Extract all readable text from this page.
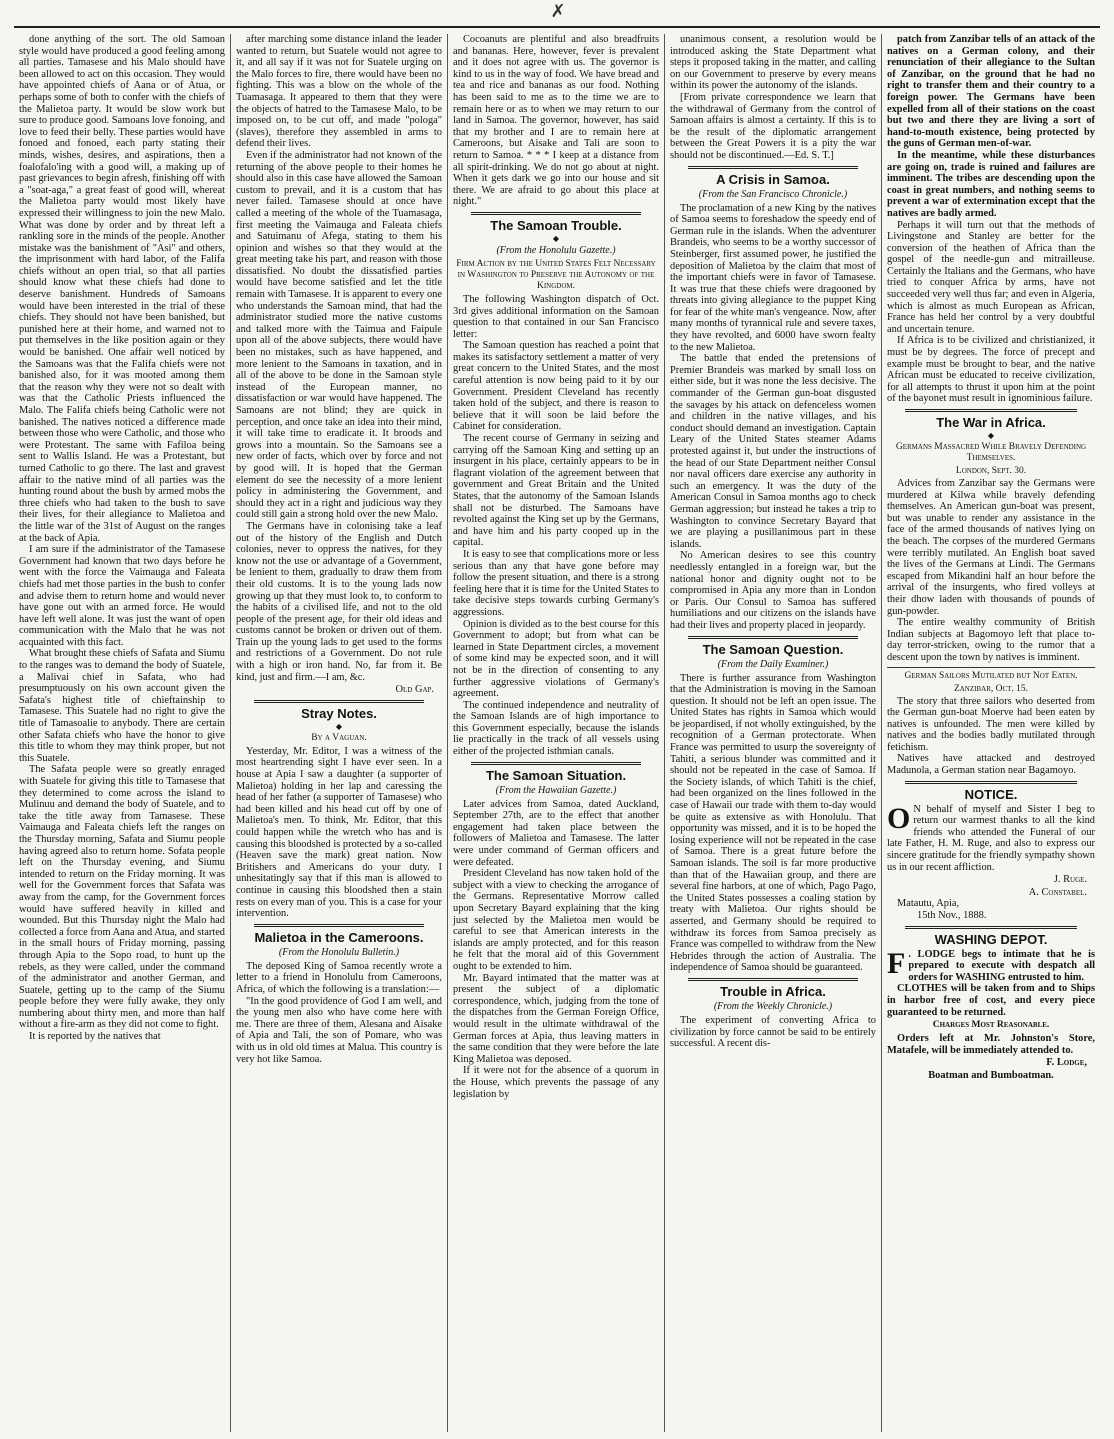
✗

done anything of the sort. The old Samoan style would have produced a good feeling among all parties. Tamasese and his Malo should have been allowed to act on this occasion. They would have appointed chiefs of Aana or of Atua, or perhaps some of both to confer with the chiefs of the Malietoa party. It would be slow work but sure to produce good. Samoans love fonoing, and love to feed their belly. These parties would have fonoed and fonoed, each party stating their minds, wishes, desires, and aspirations, then a foalofalo'ing with a good will, a making up of past grievances to begin afresh, finishing off with a "soat-aga," a great feast of good will, whereat the Malietoa party would most likely have expressed their willingness to join the new Malo. What was done by order and by threat left a rankling sore in the minds of the people. Another mistake was the banishment of "Asi" and others, the imprisonment with hard labor, of the Falifa chiefs without an open trial, so that all parties should know what these chiefs had done to deserve banishment. Hundreds of Samoans would have been interested in the trial of these chiefs. They should not have been banished, but punished here at their home, and warned not to put themselves in the like position again or they would be banished. One affair well noticed by the Samoans was that the Falifa chiefs were not banished also, for it was mooted among them that the reason why they were not so dealt with was that the Catholic Priests influenced the Malo. The Falifa chiefs being Catholic were not banished. The natives noticed a difference made between those who were Catholic, and those who were Protestant. The same with Fafiloa being sent to Wallis Island. He was a Protestant, but turned Catholic to go there. The last and gravest affair to the native mind of all parties was the hunting round about the bush by armed mobs the three chiefs who had taken to the bush to save their lives, for their allegiance to Malietoa and the little war of the 31st of August on the ranges at the back of Apia.

I am sure if the administrator of the Tamasese Government had known that two days before he went with the force the Vaimauga and Faleata chiefs had met those parties in the bush to confer and advise them to return home and would never have gone out with an armed force. He would have left well alone. It was just the want of open communication with the Malo that he was not acquainted with this fact.

What brought these chiefs of Safata and Siumu to the ranges was to demand the body of Suatele, a Malivai chief in Safata, who had presumptuously on his own account given the Safata's highest title of chieftainship to Tamasese. This Suatele had no right to give the title of Tamasoalie to anybody. There are certain other Safata chiefs who have the honor to give this title to whom they may think proper, but not this Suatele.

The Safata people were so greatly enraged with Suatele for giving this title to Tamasese that they determined to come across the island to Mulinuu and demand the body of Suatele, and to take the title away from Tamasese. These Vaimauga and Faleata chiefs left the ranges on the Thursday morning, Safata and Siumu people having agreed also to return home. Sofata people left on the Thursday evening, and Siumu intended to return on the Friday morning. It was well for the Government forces that Safata was away from the camp, for the Government forces would have suffered heavily in killed and wounded. But this Thursday night the Malo had collected a force from Aana and Atua, and started in the small hours of Friday morning, passing through Apia to the Sopo road, to hunt up the rebels, as they were called, under the command of the administrator and another German, and Suatele, getting up to the camp of the Siumu people before they were fully awake, they only numbering about thirty men, and more than half without a fire-arm as they did not come to fight.

It is reported by the natives that

after marching some distance inland the leader wanted to return, but Suatele would not agree to it, and all say if it was not for Suatele urging on the Malo forces to fire, there would have been no fighting. This was a blow on the whole of the Tuamasaga. It appeared to them that they were the objects of hatred to the Tamasese Malo, to be imposed on, to be cut off, and made "pologa" (slaves), therefore they assembled in arms to defend their lives.

Even if the administrator had not known of the returning of the above people to their homes he should also in this case have allowed the Samoan custom to prevail, and it is a custom that has never failed. Tamasese should at once have called a meeting of the whole of the Tuamasaga, first meeting the Vaimauga and Faleata chiefs and Satuimanu of Afega, stating to them his opinion and wishes so that they would at the great meeting take his part, and reason with those dissatisfied. No doubt the dissatisfied parties would have become satisfied and let the title remain with Tamasese. It is apparent to every one who understands the Samoan mind, that had the administrator studied more the native customs and talked more with the Taimua and Faipule upon all of the above subjects, there would have been no mistakes, such as have happened, and more lenient to the Samoans in taxation, and in all of the above to be done in the Samoan style instead of the European manner, no dissatisfaction or war would have happened. The Samoans are not blind; they are quick in perception, and once take an idea into their mind, it will take time to eradicate it. It broods and grows into a mountain. So the Samoans see a new order of facts, which over by force and not by good will. It is hoped that the German element do see the necessity of a more lenient policy in administering the Government, and should they act in a right and judicious way they could still gain a strong hold over the new Malo.

The Germans have in colonising take a leaf out of the history of the English and Dutch colonies, never to oppress the natives, for they know not the use or advantage of a Government, be lenient to them, gradually to draw them from their old customs. It is to the young lads now growing up that they must look to, to conform to the habits of a civilised life, and not to the old people of the present age, for their old ideas and customs cannot be broken or driven out of them. Train up the young lads to get used to the forms and restrictions of a Government. Do not rule with a high or iron hand. No, far from it. Be kind, just and firm.—I am, &c.

Old Gap.
Stray Notes.
◆
By a Vaguan.

Yesterday, Mr. Editor, I was a witness of the most heartrending sight I have ever seen. In a house at Apia I saw a daughter (a supporter of Malietoa) holding in her lap and caressing the head of her father (a supporter of Tamasese) who had been killed and his head cut off by one of Malietoa's men. To think, Mr. Editor, that this could happen while the wretch who has and is causing this bloodshed is protected by a so-called (Heaven save the mark) great nation. Now Britishers and Americans do your duty. I unhesitatingly say that if this man is allowed to continue in causing this bloodshed then a stain rests on every man of you. This is a case for your intervention.

Malietoa in the Cameroons.
(From the Honolulu Bulletin.)

The deposed King of Samoa recently wrote a letter to a friend in Honolulu from Cameroons, Africa, of which the following is a translation:—

"In the good providence of God I am well, and the young men also who have come here with me. There are three of them, Alesana and Aisake of Apia and Tali, the son of Pomare, who was with us in old old times at Malua. This country is very hot like Samoa.

Cocoanuts are plentiful and also breadfruits and bananas. Here, however, fever is prevalent and it does not agree with us. The governor is kind to us in the way of food. We have bread and tea and rice and bananas as our food. Nothing has been said to me as to the time we are to remain here or as to when we may return to our land in Samoa. The governor, however, has said that my brother and I are to remain here at Cameroons, but Aisake and Tali are soon to return to Samoa. * * * I keep at a distance from all spirit-drinking. We do not go about at night. When it gets dark we go into our house and sit there. We are afraid to go about this place at night."

The Samoan Trouble.
◆
(From the Honolulu Gazette.)
Firm Action by the United States Felt Necessary in Washington to Preserve the Autonomy of the Kingdom.

The following Washington dispatch of Oct. 3rd gives additional information on the Samoan question to that contained in our San Francisco letter:

The Samoan question has reached a point that makes its satisfactory settlement a matter of very great concern to the United States, and the most careful attention is now being paid to it by our Government. President Cleveland has recently taken hold of the subject, and there is reason to believe that it will soon be laid before the Cabinet for consideration.

The recent course of Germany in seizing and carrying off the Samoan King and setting up an insurgent in his place, certainly appears to be in flagrant violation of the agreement between that government and Great Britain and the United States, that the autonomy of the Samoan Islands shall not be disturbed. The Samoans have revolted against the King set up by the Germans, and have him and his party cooped up in the capital.

It is easy to see that complications more or less serious than any that have gone before may follow the present situation, and there is a strong feeling here that it is time for the United States to take decisive steps towards curbing Germany's aggressions.

Opinion is divided as to the best course for this Government to adopt; but from what can be learned in State Department circles, a movement of some kind may be expected soon, and it will not be in the direction of consenting to any further aggressive violations of Germany's agreement.

The continued independence and neutrality of the Samoan Islands are of high importance to this Government especially, because the islands lie practically in the track of all vessels using either of the projected isthmian canals.

The Samoan Situation.
(From the Hawaiian Gazette.)

Later advices from Samoa, dated Auckland, September 27th, are to the effect that another engagement had taken place between the followers of Malietoa and Tamasese. The latter were under command of German officers and were defeated.

President Cleveland has now taken hold of the subject with a view to checking the arrogance of the Germans. Representative Morrow called upon Secretary Bayard explaining that the king just selected by the Malietoa men would be careful to see that American interests in the islands are amply protected, and for this reason he felt that the moral aid of this Government ought to be extended to him.

Mr. Bayard intimated that the matter was at present the subject of a diplomatic correspondence, which, judging from the tone of the dispatches from the German Foreign Office, would result in the ultimate withdrawal of the German forces at Apia, thus leaving matters in the same condition that they were before the late King Malietoa was deposed.

If it were not for the absence of a quorum in the House, which prevents the passage of any legislation by

unanimous consent, a resolution would be introduced asking the State Department what steps it proposed taking in the matter, and calling on our Government to preserve by every means within its power the autonomy of the islands.

[From private correspondence we learn that the withdrawal of Germany from the control of Samoan affairs is almost a certainty. If this is to be the result of the diplomatic arrangement between the Great Powers it is a pity the war should not be discontinued.—Ed. S. T.]

A Crisis in Samoa.
(From the San Francisco Chronicle.)

The proclamation of a new King by the natives of Samoa seems to foreshadow the speedy end of German rule in the islands. When the adventurer Brandeis, who seems to be a worthy successor of Steinberger, first assumed power, he justified the deposition of Malietoa by the claim that most of the important chiefs were in favor of Tamasese. It was true that these chiefs were dragooned by threats into giving allegiance to the puppet King for fear of the white man's vengeance. Now, after many months of tyrannical rule and severe taxes, they have revolted, and 6000 have sworn fealty to the new Malietoa.

The battle that ended the pretensions of Premier Brandeis was marked by small loss on either side, but it was none the less decisive. The commander of the German gun-boat disgusted the savages by his attack on defenceless women and children in the native villages, and his conduct should demand an investigation. Captain Leary of the United States steamer Adams protested against it, but under the instructions of the head of our State Department neither Consul nor naval officers dare exercise any authority in such an emergency. It was the duty of the American Consul in Samoa months ago to check German aggression; but instead he takes a trip to Washington to convince Secretary Bayard that we are playing a pusillanimous part in these islands.

No American desires to see this country needlessly entangled in a foreign war, but the national honor and dignity ought not to be compromised in Apia any more than in London or Paris. Our Consul to Samoa has suffered humiliations and our citizens on the islands have had their lives and property placed in jeopardy.

The Samoan Question.
(From the Daily Examiner.)

There is further assurance from Washington that the Administration is moving in the Samoan question. It should not be left an open issue. The United States has rights in Samoa which would be jeopardised, if not wholly extinguished, by the recognition of a German protectorate. When France was permitted to usurp the sovereignty of Tahiti, a serious blunder was committed and it should not be repeated in the case of Samoa. If the Society islands, of which Tahiti is the chief, had been organized on the lines followed in the case of Hawaii our trade with them to-day would be quite as extensive as with Honolulu. That opportunity was missed, and it is to be hoped the losing experience will not be repeated in the case of Samoa. There is a great future before the Samoan islands. The soil is far more productive than that of the Hawaiian group, and there are several fine harbors, at one of which, Pago Pago, the United States possesses a coaling station by treaty with Malietoa. Our rights should be asserted, and Germany should be required to withdraw its forces from Samoa precisely as France was compelled to withdraw from the New Hebrides through the action of Australia. The independence of Samoa should be guaranteed.

Trouble in Africa.
(From the Weekly Chronicle.)

The experiment of converting Africa to civilization by force cannot be said to be entirely successful. A recent dis-

patch from Zanzibar tells of an attack of the natives on a German colony, and their renunciation of their allegiance to the Sultan of Zanzibar, on the ground that he had no right to transfer them and their country to a foreign power. The Germans have been expelled from all of their stations on the coast but two and there they are living a sort of hand-to-mouth existence, being protected by the guns of German men-of-war.

In the meantime, while these disturbances are going on, trade is ruined and failures are imminent. The tribes are descending upon the coast in great numbers, and nothing seems to prevent a war of extermination except that the natives are badly armed.

Perhaps it will turn out that the methods of Livingstone and Stanley are better for the conversion of the heathen of Africa than the gospel of the needle-gun and mitrailleuse. Certainly the Italians and the Germans, who have tried to conquer Africa by arms, have not succeeded very well thus far; and even in Algeria, which is almost as much European as African, France has held her control by a very doubtful and uncertain tenure.

If Africa is to be civilized and christianized, it must be by degrees. The force of precept and example must be brought to bear, and the native African must be educated to receive civilization, for all attempts to thrust it upon him at the point of the bayonet must result in ignominious failure.

The War in Africa.
◆
Germans Massacred While Bravely Defending Themselves.
London, Sept. 30.

Advices from Zanzibar say the Germans were murdered at Kilwa while bravely defending themselves. An American gun-boat was present, but was unable to render any assistance in the face of the armed thousands of natives lying on the beach. The corpses of the murdered Germans were terribly mutilated. An English boat saved the lives of the Germans at Lindi. The Germans escaped from Mikandini half an hour before the arrival of the insurgents, who fired volleys at their dhow laden with thousands of pounds of gun-powder.

The entire wealthy community of British Indian subjects at Bagomoyo left that place to-day terror-stricken, owing to the rumor that a descent upon the town by natives is imminent.

German Sailors Mutilated but Not Eaten.
Zanzibar, Oct. 15.

The story that three sailors who deserted from the German gun-boat Moerve had been eaten by natives is unfounded. The men were killed by natives and the bodies badly mutilated through fetichism.

Natives have attacked and destroyed Madunola, a German station near Bagamoyo.

NOTICE.
O N behalf of myself and Sister I beg to return our warmest thanks to all the kind friends who attended the Funeral of our late Father, H. M. Ruge, and also to express our sincere gratitude for the friendly sympathy shown us in our recent affliction.
J. Ruge.
A. Constabel.

Matautu, Apia,

15th Nov., 1888.

WASHING DEPOT.
F . LODGE begs to intimate that he is prepared to execute with despatch all orders for WASHING entrusted to him.

CLOTHES will be taken from and to Ships in harbor free of cost, and every piece guaranteed to be returned.

Charges Most Reasonable.

Orders left at Mr. Johnston's Store, Matafele, will be immediately attended to.

F. Lodge,
Boatman and Bumboatman.
